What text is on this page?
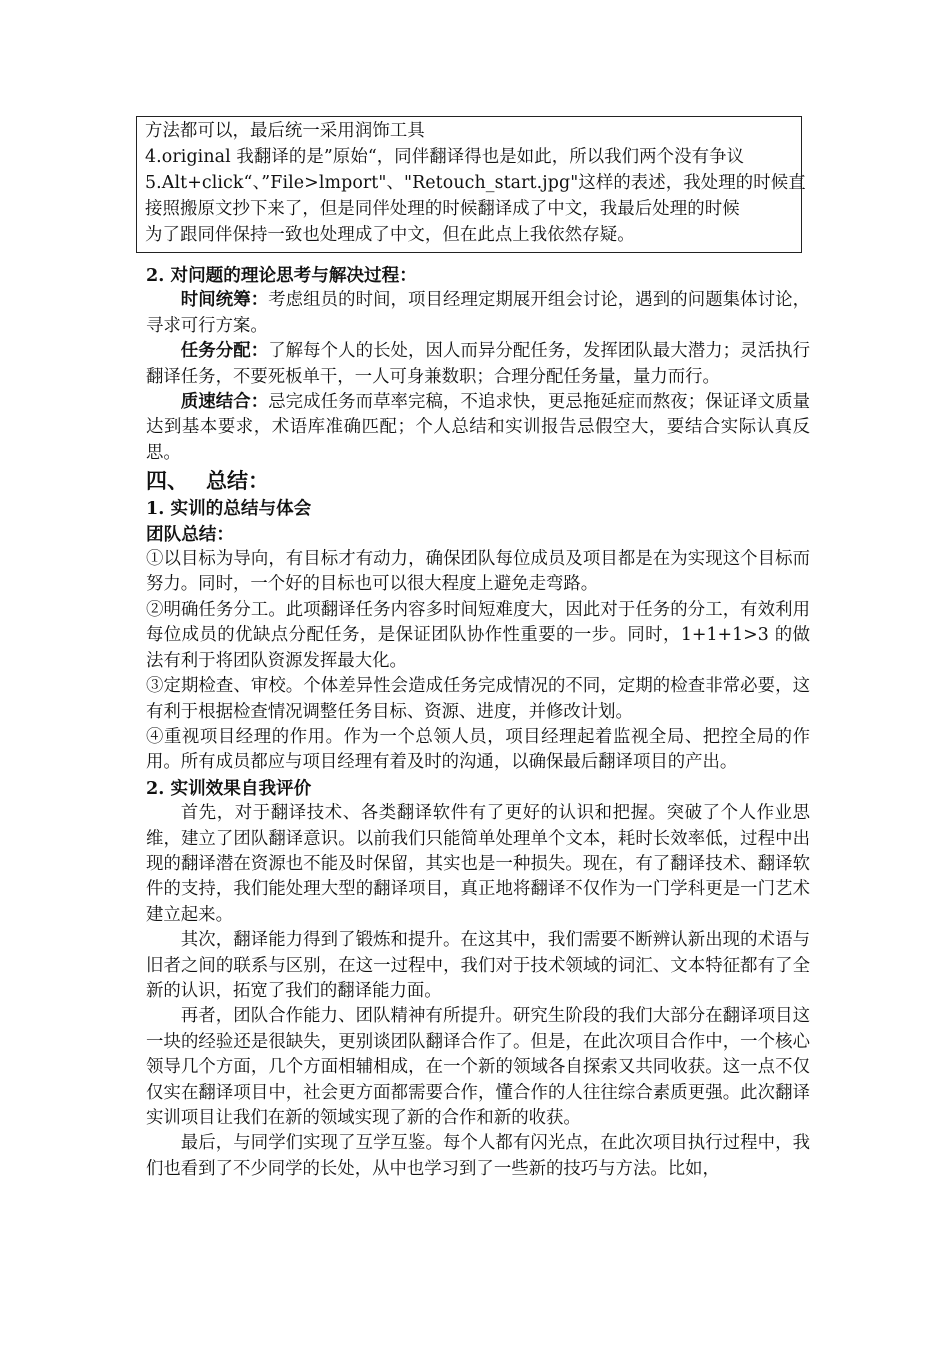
方法都可以，最后统一采用润饰工具
4.original 我翻译的是”原始“，同伴翻译得也是如此，所以我们两个没有争议
5.Alt+click“、”File>lmport"、"Retouch_start.jpg"这样的表述，我处理的时候直
接照搬原文抄下来了，但是同伴处理的时候翻译成了中文，我最后处理的时候
为了跟同伴保持一致也处理成了中文，但在此点上我依然存疑。

2. 对问题的理论思考与解决过程：

时间统筹：考虑组员的时间，项目经理定期展开组会讨论，遇到的问题集体讨论，寻求可行方案。

任务分配：了解每个人的长处，因人而异分配任务，发挥团队最大潜力；灵活执行翻译任务，不要死板单干，一人可身兼数职；合理分配任务量，量力而行。

质速结合：忌完成任务而草率完稿，不追求快，更忌拖延症而熬夜；保证译文质量达到基本要求，术语库准确匹配；个人总结和实训报告忌假空大，要结合实际认真反思。

四、 总结：

1. 实训的总结与体会

团队总结：

①以目标为导向，有目标才有动力，确保团队每位成员及项目都是在为实现这个目标而努力。同时，一个好的目标也可以很大程度上避免走弯路。

②明确任务分工。此项翻译任务内容多时间短难度大，因此对于任务的分工，有效利用每位成员的优缺点分配任务，是保证团队协作性重要的一步。同时，1+1+1>3 的做法有利于将团队资源发挥最大化。

③定期检查、审校。个体差异性会造成任务完成情况的不同，定期的检查非常必要，这有利于根据检查情况调整任务目标、资源、进度，并修改计划。

④重视项目经理的作用。作为一个总领人员，项目经理起着监视全局、把控全局的作用。所有成员都应与项目经理有着及时的沟通，以确保最后翻译项目的产出。

2. 实训效果自我评价

首先，对于翻译技术、各类翻译软件有了更好的认识和把握。突破了个人作业思维，建立了团队翻译意识。以前我们只能简单处理单个文本，耗时长效率低，过程中出现的翻译潜在资源也不能及时保留，其实也是一种损失。现在，有了翻译技术、翻译软件的支持，我们能处理大型的翻译项目，真正地将翻译不仅作为一门学科更是一门艺术建立起来。

其次，翻译能力得到了锻炼和提升。在这其中，我们需要不断辨认新出现的术语与旧者之间的联系与区别，在这一过程中，我们对于技术领域的词汇、文本特征都有了全新的认识，拓宽了我们的翻译能力面。

再者，团队合作能力、团队精神有所提升。研究生阶段的我们大部分在翻译项目这一块的经验还是很缺失，更别谈团队翻译合作了。但是，在此次项目合作中，一个核心领导几个方面，几个方面相辅相成，在一个新的领域各自探索又共同收获。这一点不仅仅实在翻译项目中，社会更方面都需要合作，懂合作的人往往综合素质更强。此次翻译实训项目让我们在新的领域实现了新的合作和新的收获。

最后，与同学们实现了互学互鉴。每个人都有闪光点，在此次项目执行过程中，我们也看到了不少同学的长处，从中也学习到了一些新的技巧与方法。比如，
